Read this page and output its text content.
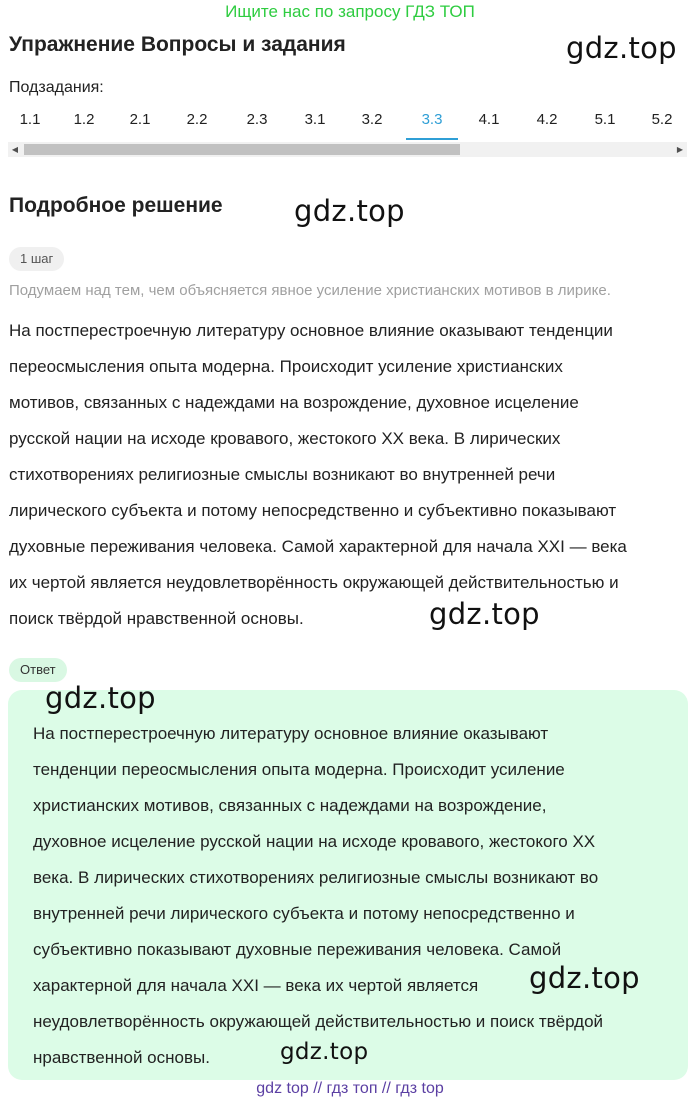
Ищите нас по запросу ГДЗ ТОП
Упражнение Вопросы и задания	gdz.top
Подзадания:
1.1	1.2	2.1	2.2	2.3	3.1	3.2	3.3	4.1	4.2	5.1	5.2
◀	▶
Подробное решение gdz.top
1 шаг
Подумаем над тем, чем объясняется явное усиление христианских мотивов в лирике.
На постперестроечную литературу основное влияние оказывают тенденции
переосмысления опыта модерна. Происходит усиление христианских
мотивов, связанных с надеждами на возрождение, духовное исцеление
русской нации на исходе кровавого, жестокого XX века. В лирических
стихотворениях религиозные смыслы возникают во внутренней речи
лирического субъекта и потому непосредственно и субъективно показывают
духовные переживания человека. Самой характерной для начала XXI — века
их чертой является неудовлетворённость окружающей действительностью и
поиск твёрдой нравственной основы.	gdz.top
Ответ
gdz.top
На постперестроечную литературу основное влияние оказывают
тенденции переосмысления опыта модерна. Происходит усиление
христианских мотивов, связанных с надеждами на возрождение,
духовное исцеление русской нации на исходе кровавого, жестокого XX
века. В лирических стихотворениях религиозные смыслы возникают во
внутренней речи лирического субъекта и потому непосредственно и
субъективно показывают духовные переживания человека. Самой
характерной для начала XXI — века их чертой является
неудовлетворённость окружающей действительностью и поиск твёрдой
нравственной основы.
gdz.top
gdz.top
gdz top // гдз топ // гдз top
